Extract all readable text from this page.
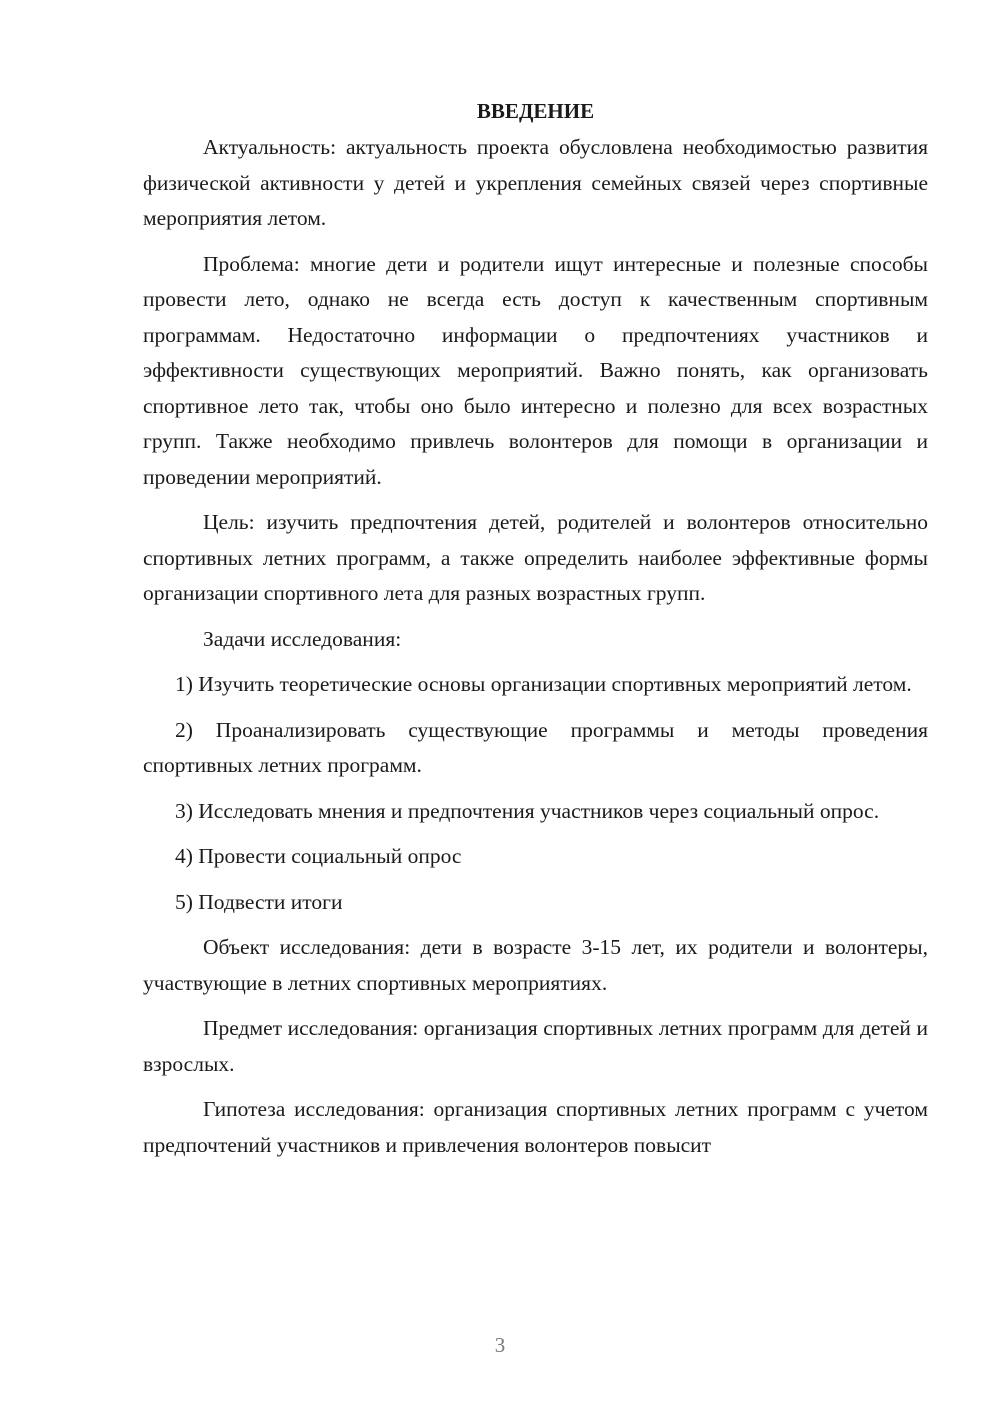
ВВЕДЕНИЕ

Актуальность: актуальность проекта обусловлена необходимостью развития физической активности у детей и укрепления семейных связей через спортивные мероприятия летом.

Проблема: многие дети и родители ищут интересные и полезные способы провести лето, однако не всегда есть доступ к качественным спортивным программам. Недостаточно информации о предпочтениях участников и эффективности существующих мероприятий. Важно понять, как организовать спортивное лето так, чтобы оно было интересно и полезно для всех возрастных групп. Также необходимо привлечь волонтеров для помощи в организации и проведении мероприятий.

Цель: изучить предпочтения детей, родителей и волонтеров относительно спортивных летних программ, а также определить наиболее эффективные формы организации спортивного лета для разных возрастных групп.

Задачи исследования:

1) Изучить теоретические основы организации спортивных мероприятий летом.

2) Проанализировать существующие программы и методы проведения спортивных летних программ.

3) Исследовать мнения и предпочтения участников через социальный опрос.

4) Провести социальный опрос

5) Подвести итоги

Объект исследования: дети в возрасте 3-15 лет, их родители и волонтеры, участвующие в летних спортивных мероприятиях.

Предмет исследования: организация спортивных летних программ для детей и взрослых.

Гипотеза исследования: организация спортивных летних программ с учетом предпочтений участников и привлечения волонтеров повысит

3
